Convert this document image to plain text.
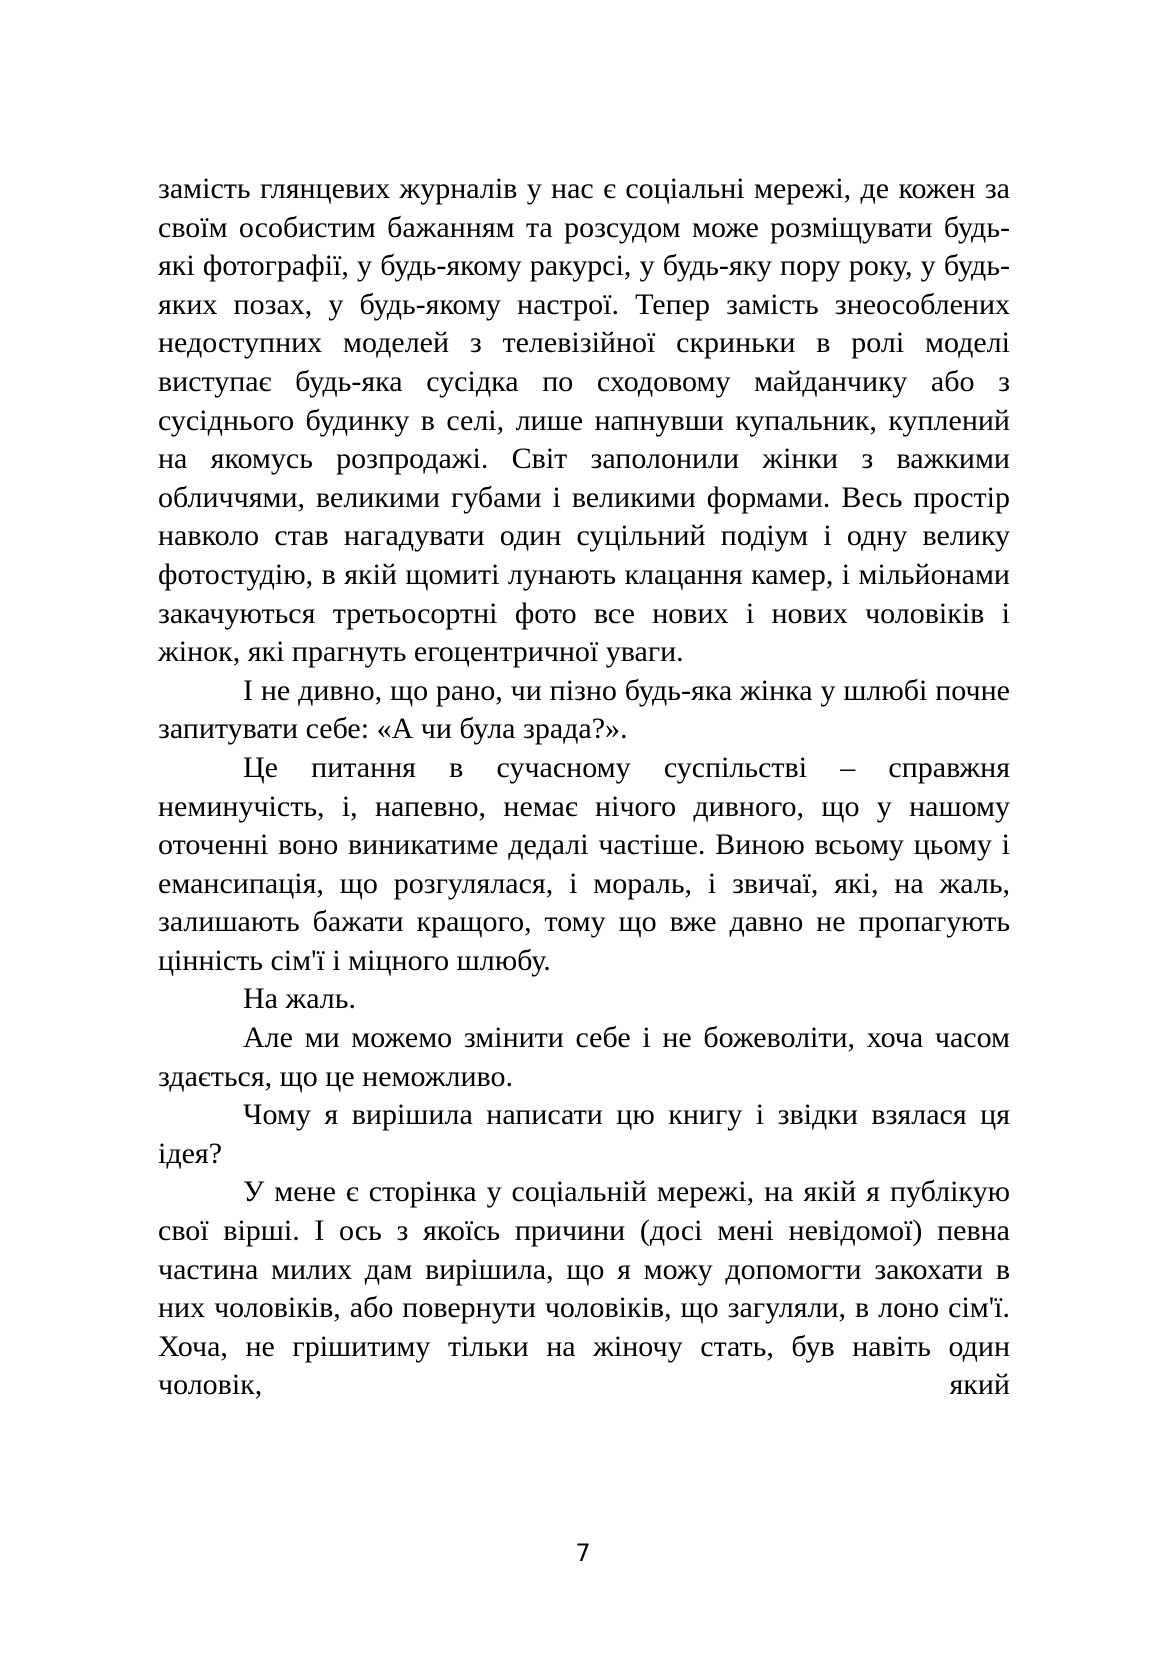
замість глянцевих журналів у нас є соціальні мережі, де кожен за своїм особистим бажанням та розсудом може розміщувати будь-які фотографії, у будь-якому ракурсі, у будь-яку пору року, у будь-яких позах, у будь-якому настрої. Тепер замість знеособлених недоступних моделей з телевізійної скриньки в ролі моделі виступає будь-яка сусідка по сходовому майданчику або з сусіднього будинку в селі, лише напнувши купальник, куплений на якомусь розпродажі. Світ заполонили жінки з важкими обличчями, великими губами і великими формами. Весь простір навколо став нагадувати один суцільний подіум і одну велику фотостудію, в якій щомиті лунають клацання камер, і мільйонами закачуються третьосортні фото все нових і нових чоловіків і жінок, які прагнуть егоцентричної уваги.

І не дивно, що рано, чи пізно будь-яка жінка у шлюбі почне запитувати себе: «А чи була зрада?».

Це питання в сучасному суспільстві – справжня неминучість, і, напевно, немає нічого дивного, що у нашому оточенні воно виникатиме дедалі частіше. Виною всьому цьому і емансипація, що розгулялася, і мораль, і звичаї, які, на жаль, залишають бажати кращого, тому що вже давно не пропагують цінність сім'ї і міцного шлюбу.

На жаль.

Але ми можемо змінити себе і не божеволіти, хоча часом здається, що це неможливо.

Чому я вирішила написати цю книгу і звідки взялася ця ідея?

У мене є сторінка у соціальній мережі, на якій я публікую свої вірші. І ось з якоїсь причини (досі мені невідомої) певна частина милих дам вирішила, що я можу допомогти закохати в них чоловіків, або повернути чоловіків, що загуляли, в лоно сім'ї. Хоча, не грішитиму тільки на жіночу стать, був навіть один чоловік, який

7
